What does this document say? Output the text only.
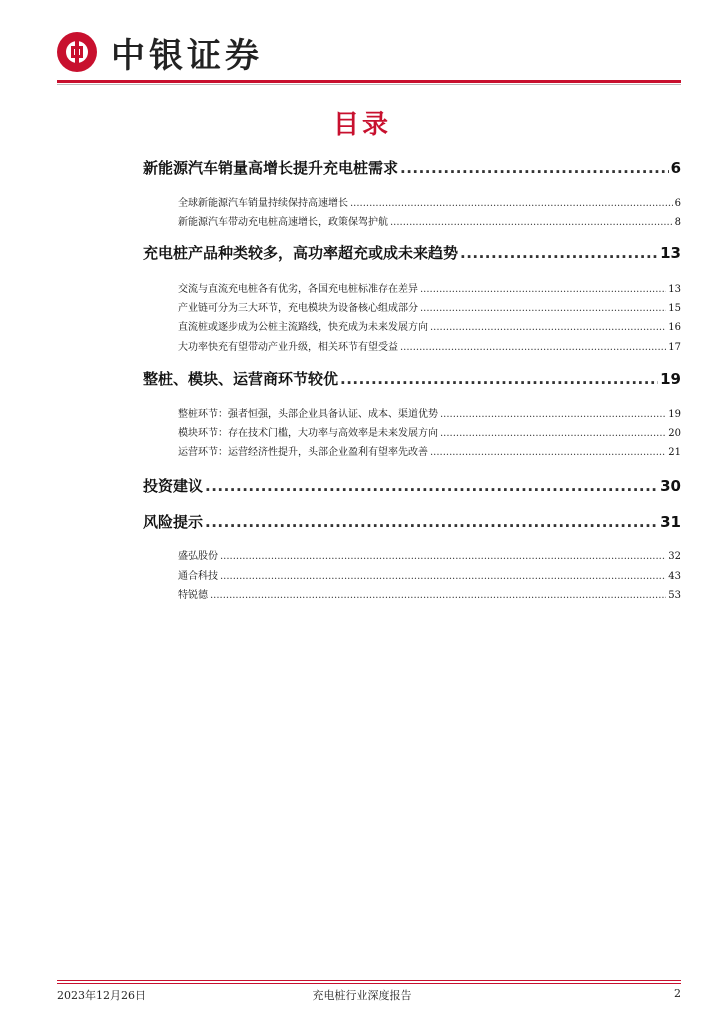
中银证券
目录
新能源汽车销量高增长提升充电桩需求 .....	6
全球新能源汽车销量持续保持高速增长 .....	6
新能源汽车带动充电桩高速增长，政策保驾护航 .....	8
充电桩产品种类较多，高功率超充或成未来趋势 .....	13
交流与直流充电桩各有优劣，各国充电桩标准存在差异 .....	13
产业链可分为三大环节，充电模块为设备核心组成部分 .....	15
直流桩或逐步成为公桩主流路线，快充成为未来发展方向 .....	16
大功率快充有望带动产业升级，相关环节有望受益 .....	17
整桩、模块、运营商环节较优 .....	19
整桩环节：强者恒强，头部企业具备认证、成本、渠道优势 .....	19
模块环节：存在技术门槛，大功率与高效率是未来发展方向 .....	20
运营环节：运营经济性提升，头部企业盈利有望率先改善 .....	21
投资建议 .....	30
风险提示 .....	31
盛弘股份 .....	32
通合科技 .....	43
特锐德 .....	53
2023年12月26日	充电桩行业深度报告	2
